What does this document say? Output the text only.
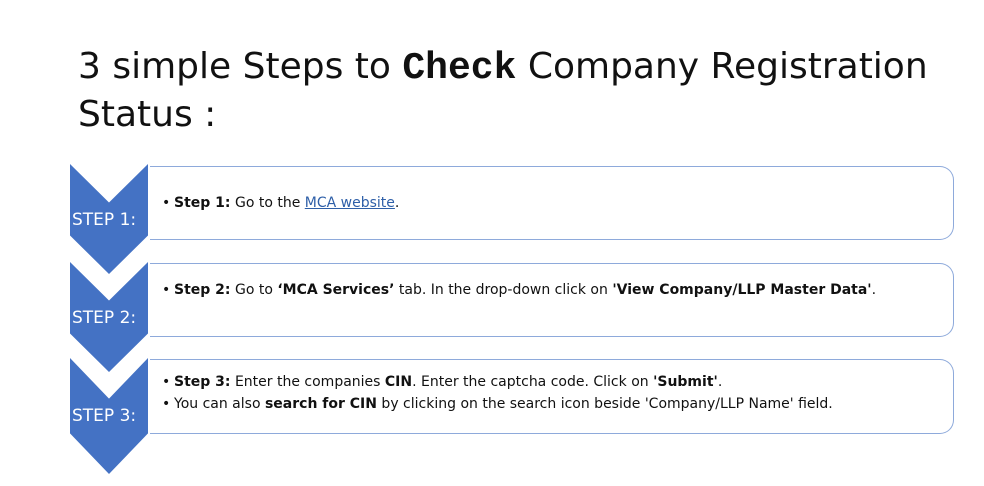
3 simple Steps to Check Company Registration Status :
STEP 1:
• Step 1: Go to the MCA website.
STEP 2:
• Step 2: Go to ‘MCA Services’ tab. In the drop-down click on 'View Company/LLP Master Data'.
STEP 3:
• Step 3: Enter the companies CIN. Enter the captcha code. Click on 'Submit'.
• You can also search for CIN by clicking on the search icon beside 'Company/LLP Name' field.
